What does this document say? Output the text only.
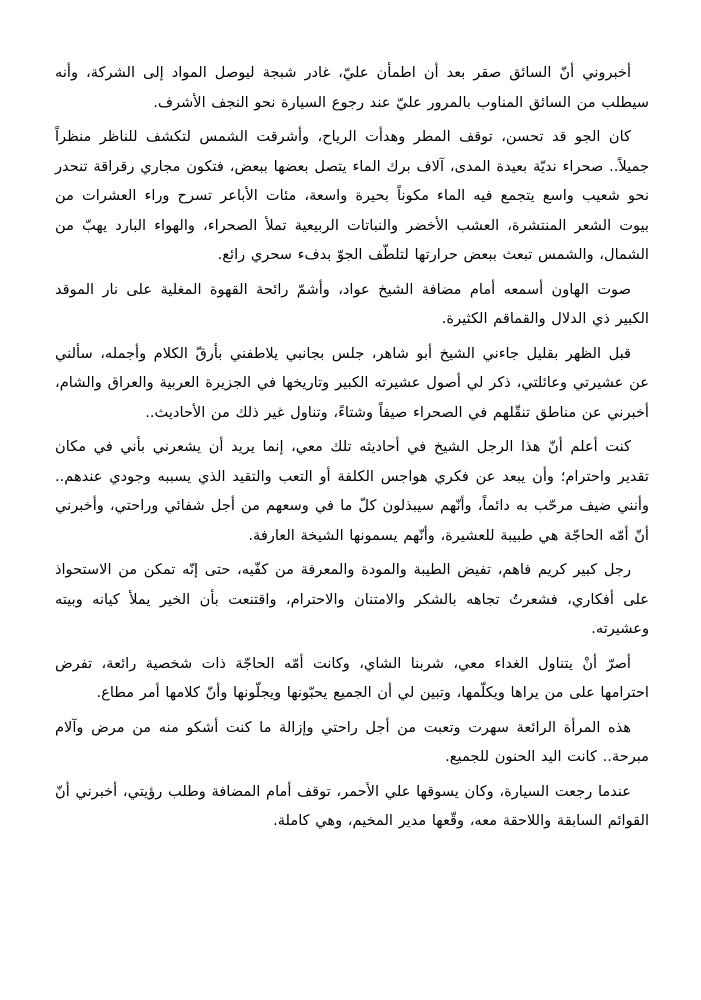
أخبروني أنّ السائق صقر بعد أن اطمأن عليّ، غادر شبجة ليوصل المواد إلى الشركة، وأنه سيطلب من السائق المناوب بالمرور عليّ عند رجوع السيارة نحو النجف الأشرف.

كان الجو قد تحسن، توقف المطر وهدأت الرياح، وأشرقت الشمس لتكشف للناظر منظراً جميلاً.. صحراء نديّة بعيدة المدى، آلاف برك الماء يتصل بعضها ببعض، فتكون مجاري رقراقة تنحدر نحو شعيب واسع يتجمع فيه الماء مكوناً بحيرة واسعة، مئات الأباعر تسرح وراء العشرات من بيوت الشعر المنتشرة، العشب الأخضر والنباتات الربيعية تملأ الصحراء، والهواء البارد يهبّ من الشمال، والشمس تبعث ببعض حرارتها لتلطّف الجوّ بدفء سحري رائع.

صوت الهاون أسمعه أمام مضافة الشيخ عواد، وأشمّ رائحة القهوة المغلية على نار الموقد الكبير ذي الدلال والقماقم الكثيرة.

قبل الظهر بقليل جاءني الشيخ أبو شاهر، جلس بجانبي يلاطفني بأرقّ الكلام وأجمله، سألني عن عشيرتي وعائلتي، ذكر لي أصول عشيرته الكبير وتاريخها في الجزيرة العربية والعراق والشام، أخبرني عن مناطق تنقّلهم في الصحراء صيفاً وشتاءً، وتناول غير ذلك من الأحاديث..

كنت أعلم أنّ هذا الرجل الشيخ في أحاديثه تلك معي، إنما يريد أن يشعرني بأني في مكان تقدير واحترام؛ وأن يبعد عن فكري هواجس الكلفة أو التعب والتقيد الذي يسببه وجودي عندهم.. وأنني ضيف مرحّب به دائماً، وأنّهم سيبذلون كلّ ما في وسعهم من أجل شفائي وراحتي، وأخبرني أنّ أمّه الحاجّة هي طبيبة للعشيرة، وأنّهم يسمونها الشيخة العارفة.

رجل كبير كريم فاهم، تفيض الطيبة والمودة والمعرفة من كفّيه، حتى إنّه تمكن من الاستحواذ على أفكاري، فشعرتُ تجاهه بالشكر والامتنان والاحترام، واقتنعت بأن الخير يملأ كيانه وبيته وعشيرته.

أصرّ أنْ يتناول الغداء معي، شربنا الشاي، وكانت أمّه الحاجّة ذات شخصية رائعة، تفرض احترامها على من يراها ويكلّمها، وتبين لي أن الجميع يحبّونها ويجلّونها وأنّ كلامها أمر مطاع.

هذه المرأة الرائعة سهرت وتعبت من أجل راحتي وإزالة ما كنت أشكو منه من مرض وآلام مبرحة.. كانت اليد الحنون للجميع.

عندما رجعت السيارة، وكان يسوقها علي الأحمر، توقف أمام المضافة وطلب رؤيتي، أخبرني أنّ القوائم السابقة واللاحقة معه، وقّعها مدير المخيم، وهي كاملة.
